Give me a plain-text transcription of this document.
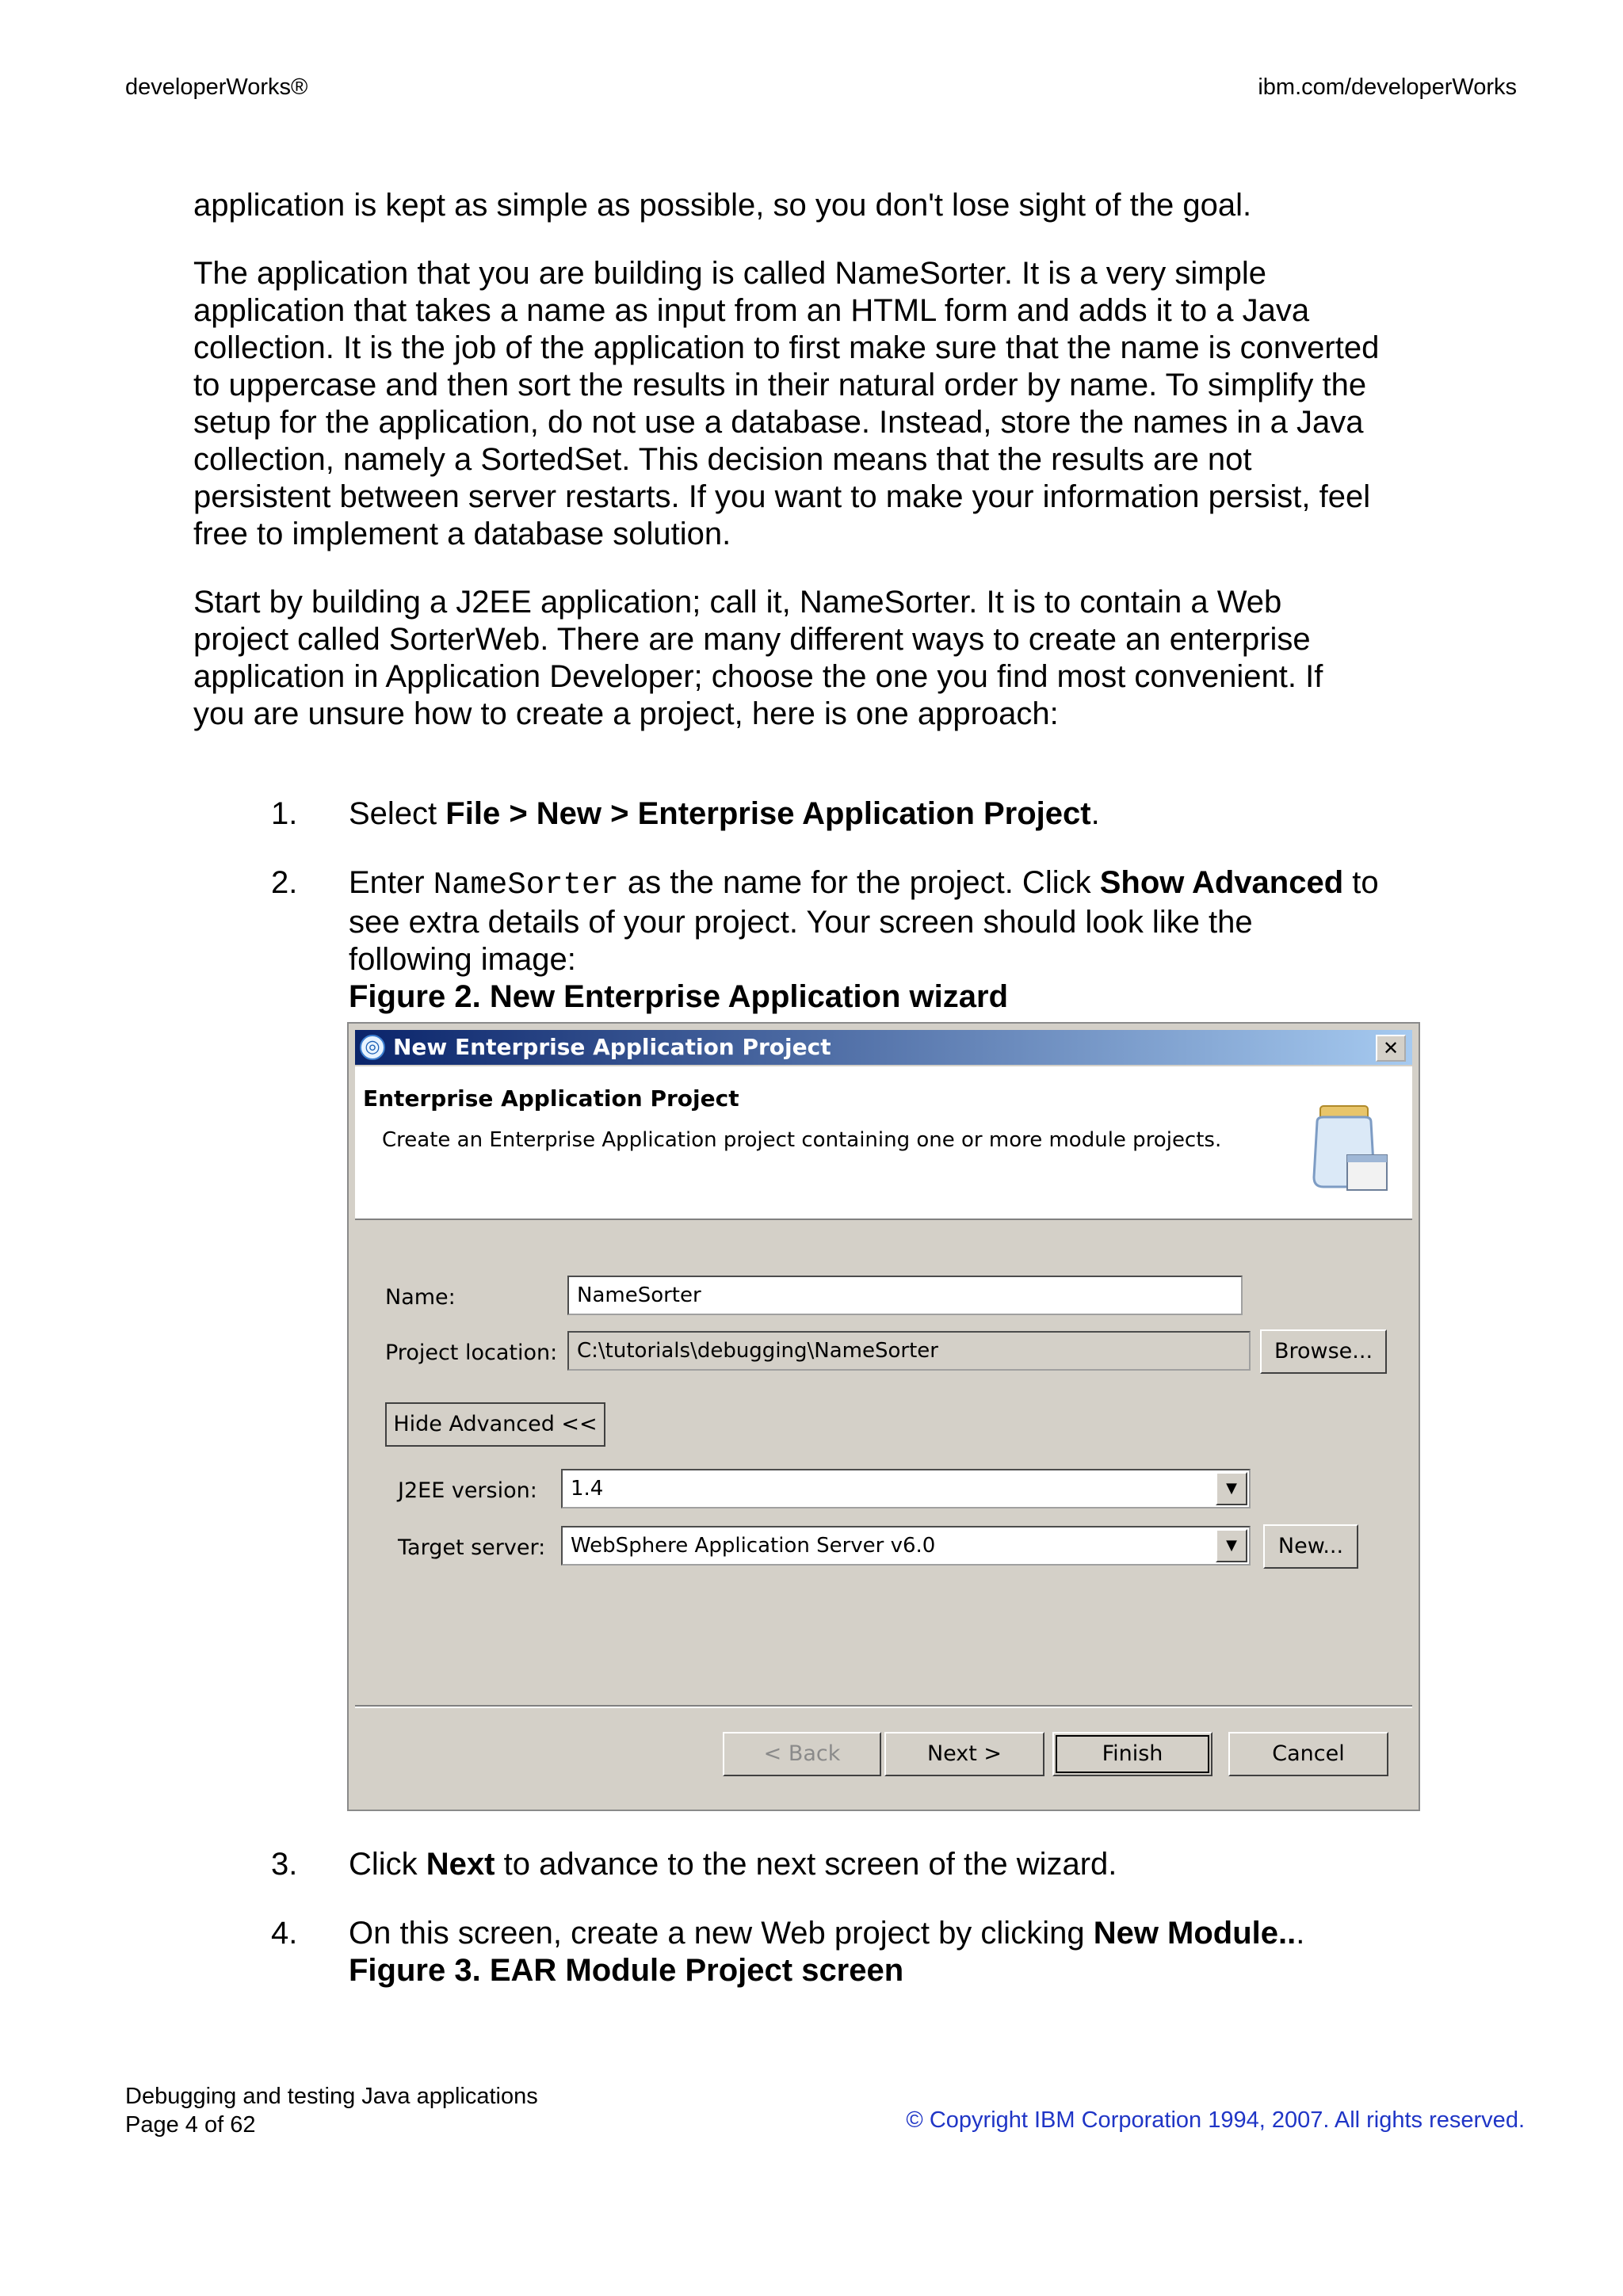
developerWorks®	ibm.com/developerWorks

application is kept as simple as possible, so you don't lose sight of the goal.

The application that you are building is called NameSorter. It is a very simple

application that takes a name as input from an HTML form and adds it to a Java

collection. It is the job of the application to first make sure that the name is converted

to uppercase and then sort the results in their natural order by name. To simplify the

setup for the application, do not use a database. Instead, store the names in a Java

collection, namely a SortedSet. This decision means that the results are not

persistent between server restarts. If you want to make your information persist, feel

free to implement a database solution.

Start by building a J2EE application; call it, NameSorter. It is to contain a Web

project called SorterWeb. There are many different ways to create an enterprise

application in Application Developer; choose the one you find most convenient. If

you are unsure how to create a project, here is one approach:

1. Select File > New > Enterprise Application Project.
2. Enter NameSorter as the name for the project. Click Show Advanced to
see extra details of your project. Your screen should look like the
following image:
Figure 2. New Enterprise Application wizard
◎ New Enterprise Application Project	✕
Enterprise Application Project
Create an Enterprise Application project containing one or more module projects.
Name:	NameSorter
Project location: C:\tutorials\debugging\NameSorter	Browse...
Hide Advanced <<
J2EE version:	1.4	▼
Target server:	WebSphere Application Server v6.0	▼	New...
< Back	Next >	Finish	Cancel
3. Click Next to advance to the next screen of the wizard.
4. On this screen, create a new Web project by clicking New Module...
Figure 3. EAR Module Project screen
Debugging and testing Java applications
Page 4 of 62	© Copyright IBM Corporation 1994, 2007. All rights reserved.
